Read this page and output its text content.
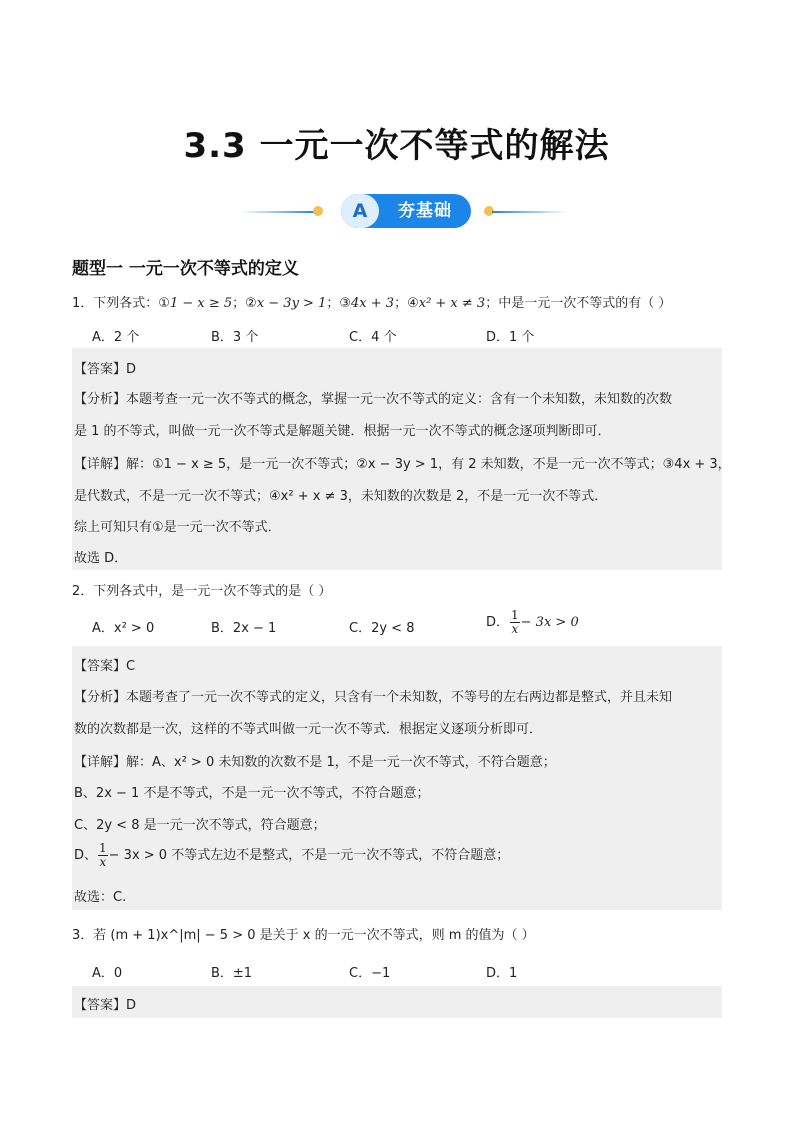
3.3 一元一次不等式的解法
A	夯基础
题型一 一元一次不等式的定义
1．下列各式：①1 − x ≥ 5；②x − 3y > 1；③4x + 3；④x² + x ≠ 3；中是一元一次不等式的有（ ）
A．2 个	B．3 个	C．4 个	D．1 个
【答案】D
【分析】本题考查一元一次不等式的概念，掌握一元一次不等式的定义：含有一个未知数，未知数的次数
是 1 的不等式，叫做一元一次不等式是解题关键．根据一元一次不等式的概念逐项判断即可．
【详解】解：①1 − x ≥ 5，是一元一次不等式；②x − 3y > 1，有 2 未知数，不是一元一次不等式；③4x + 3，
是代数式，不是一元一次不等式；④x² + x ≠ 3，未知数的次数是 2，不是一元一次不等式．
综上可知只有①是一元一次不等式．
故选 D．
2．下列各式中，是一元一次不等式的是（ ）
A．x² > 0	B．2x − 1	C．2y < 8	D． $\frac{1}{x} - 3x > 0$
【答案】C
【分析】本题考查了一元一次不等式的定义，只含有一个未知数，不等号的左右两边都是整式，并且未知
数的次数都是一次，这样的不等式叫做一元一次不等式．根据定义逐项分析即可．
【详解】解：A、x² > 0 未知数的次数不是 1，不是一元一次不等式，不符合题意；
B、2x − 1 不是不等式，不是一元一次不等式，不符合题意；
C、2y < 8 是一元一次不等式，符合题意；
D、 $\frac{1}{x} - 3x > 0$ 不等式左边不是整式，不是一元一次不等式，不符合题意；
故选：C.
3．若 (m + 1)x^|m| − 5 > 0 是关于 x 的一元一次不等式，则 m 的值为（ ）
A．0	B．±1	C．−1	D．1
【答案】D
